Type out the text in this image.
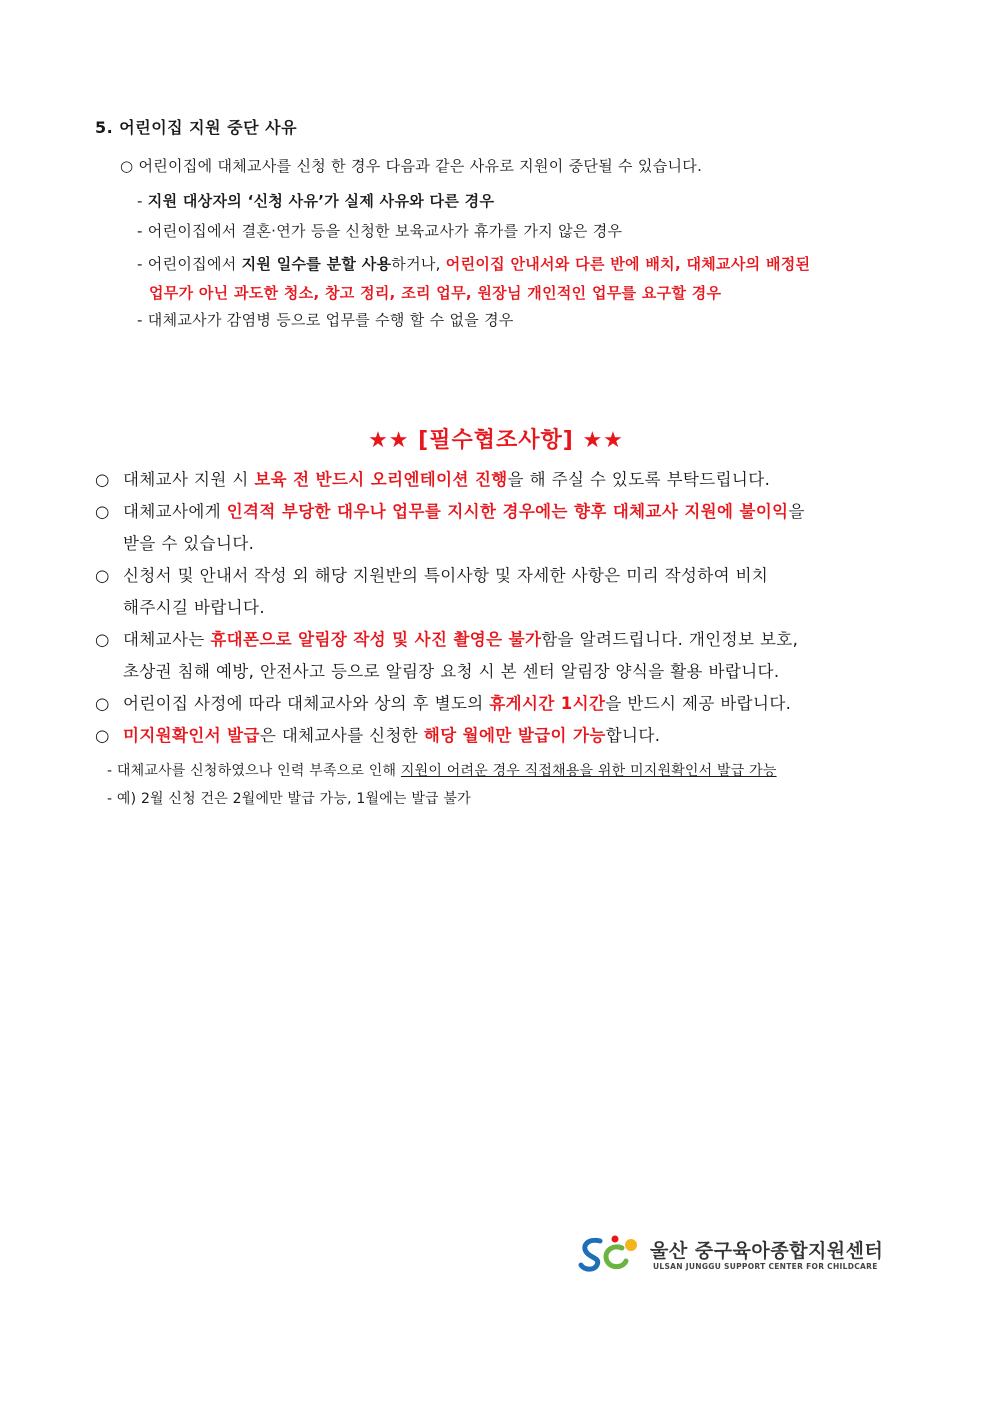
5. 어린이집 지원 중단 사유
○ 어린이집에 대체교사를 신청 한 경우 다음과 같은 사유로 지원이 중단될 수 있습니다.
- 지원 대상자의 ‘신청 사유’가 실제 사유와 다른 경우
- 어린이집에서 결혼·연가 등을 신청한 보육교사가 휴가를 가지 않은 경우
- 어린이집에서 지원 일수를 분할 사용하거나, 어린이집 안내서와 다른 반에 배치, 대체교사의 배정된
업무가 아닌 과도한 청소, 창고 정리, 조리 업무, 원장님 개인적인 업무를 요구할 경우
- 대체교사가 감염병 등으로 업무를 수행 할 수 없을 경우
★★ [필수협조사항] ★★
○ 대체교사 지원 시 보육 전 반드시 오리엔테이션 진행을 해 주실 수 있도록 부탁드립니다.
○ 대체교사에게 인격적 부당한 대우나 업무를 지시한 경우에는 향후 대체교사 지원에 불이익을
받을 수 있습니다.
○ 신청서 및 안내서 작성 외 해당 지원반의 특이사항 및 자세한 사항은 미리 작성하여 비치
해주시길 바랍니다.
○ 대체교사는 휴대폰으로 알림장 작성 및 사진 촬영은 불가함을 알려드립니다. 개인정보 보호,
초상권 침해 예방, 안전사고 등으로 알림장 요청 시 본 센터 알림장 양식을 활용 바랍니다.
○ 어린이집 사정에 따라 대체교사와 상의 후 별도의 휴게시간 1시간을 반드시 제공 바랍니다.
○ 미지원확인서 발급은 대체교사를 신청한 해당 월에만 발급이 가능합니다.
- 대체교사를 신청하였으나 인력 부족으로 인해 지원이 어려운 경우 직접채용을 위한 미지원확인서 발급 가능
- 예) 2월 신청 건은 2월에만 발급 가능, 1월에는 발급 불가
울산 중구육아종합지원센터
ULSAN JUNGGU SUPPORT CENTER FOR CHILDCARE
